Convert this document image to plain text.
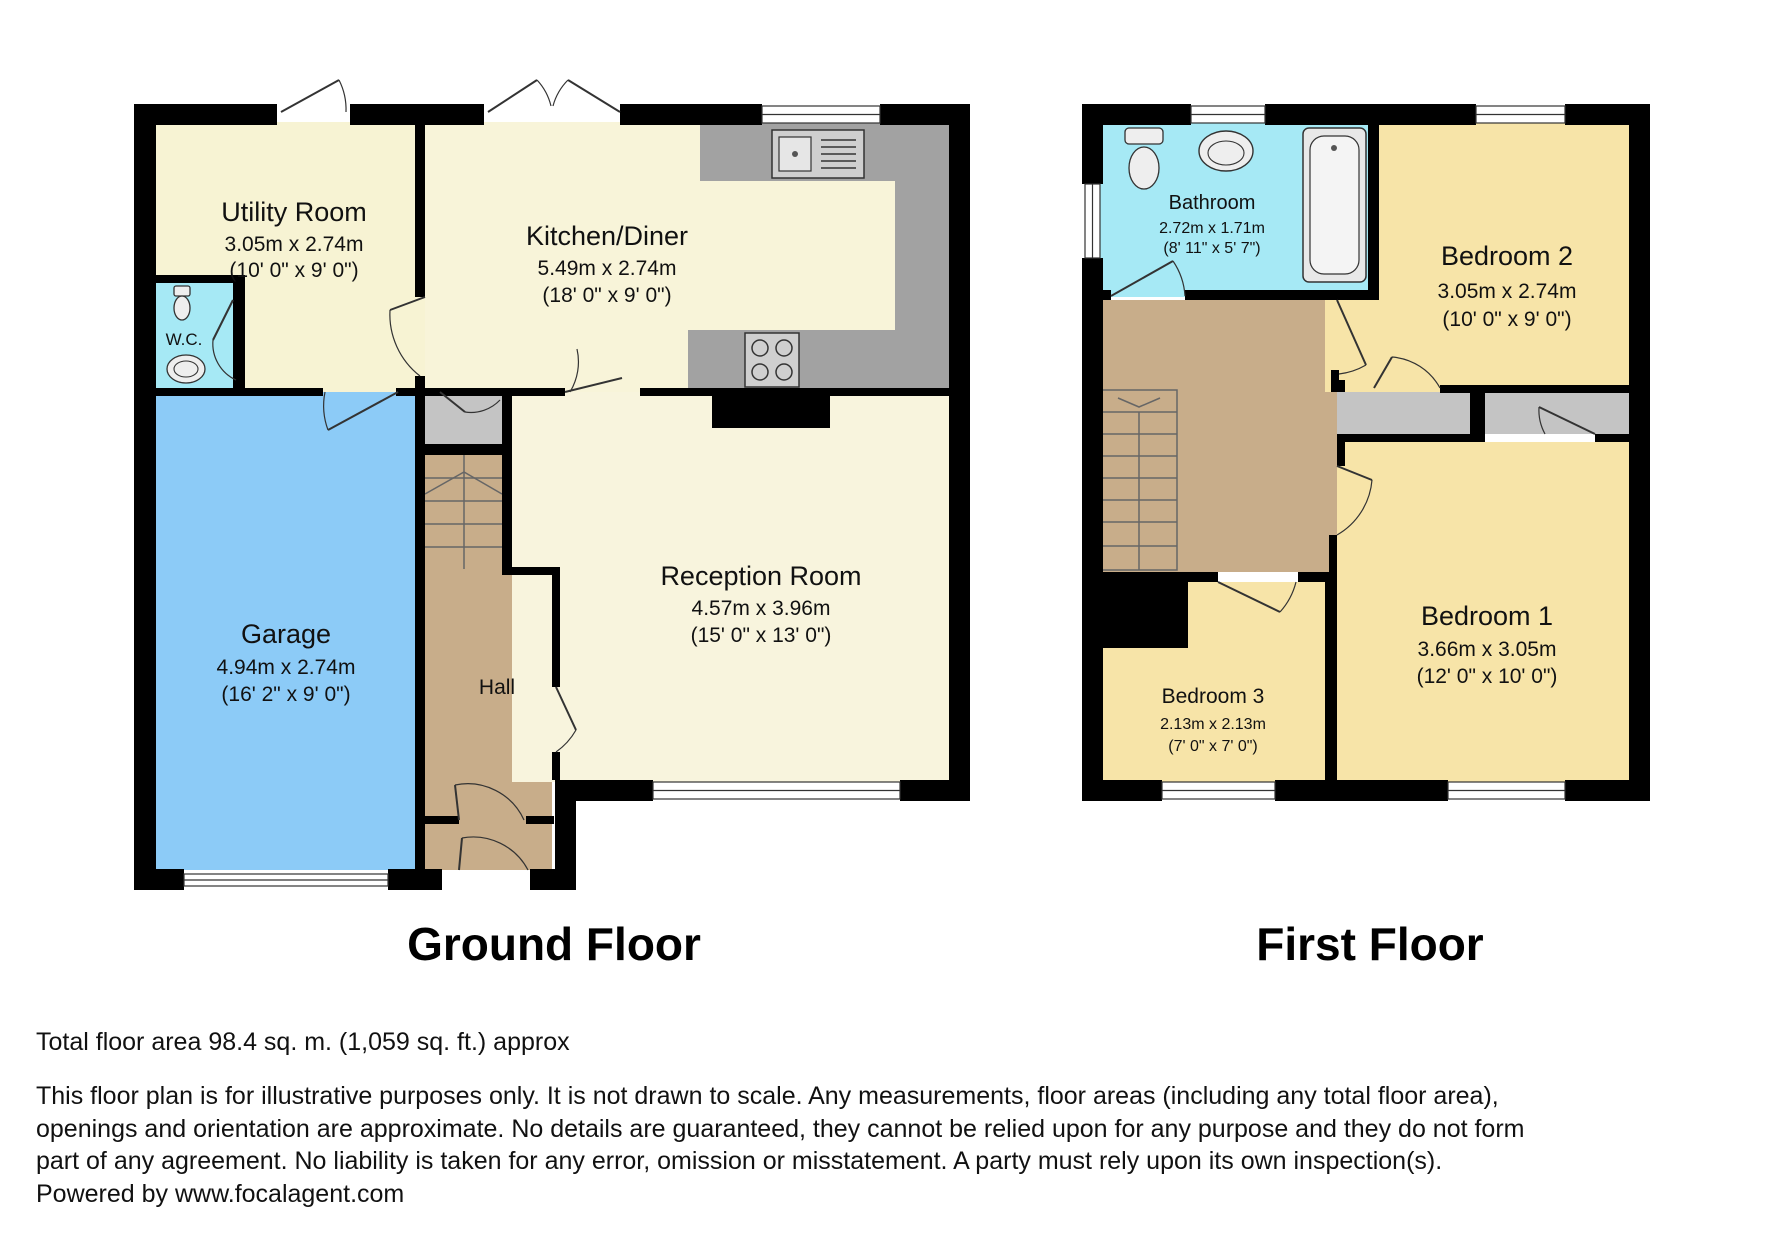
Utility Room
3.05m x 2.74m
(10' 0" x 9' 0")
W.C.
Kitchen/Diner
5.49m x 2.74m
(18' 0" x 9' 0")
Garage
4.94m x 2.74m
(16' 2" x 9' 0")	Hall
Reception Room
4.57m x 3.96m
(15' 0" x 13' 0")
Ground Floor
Bathroom
2.72m x 1.71m
(8' 11" x 5' 7")	Bedroom 2
3.05m x 2.74m
(10' 0" x 9' 0")
Bedroom 1
3.66m x 3.05m
(12' 0" x 10' 0")
Bedroom 3
2.13m x 2.13m
(7' 0" x 7' 0")
First Floor
Total floor area 98.4 sq. m. (1,059 sq. ft.) approx
This floor plan is for illustrative purposes only. It is not drawn to scale. Any measurements, floor areas (including any total floor area),
openings and orientation are approximate. No details are guaranteed, they cannot be relied upon for any purpose and they do not form
part of any agreement. No liability is taken for any error, omission or misstatement. A party must rely upon its own inspection(s).
Powered by www.focalagent.com
